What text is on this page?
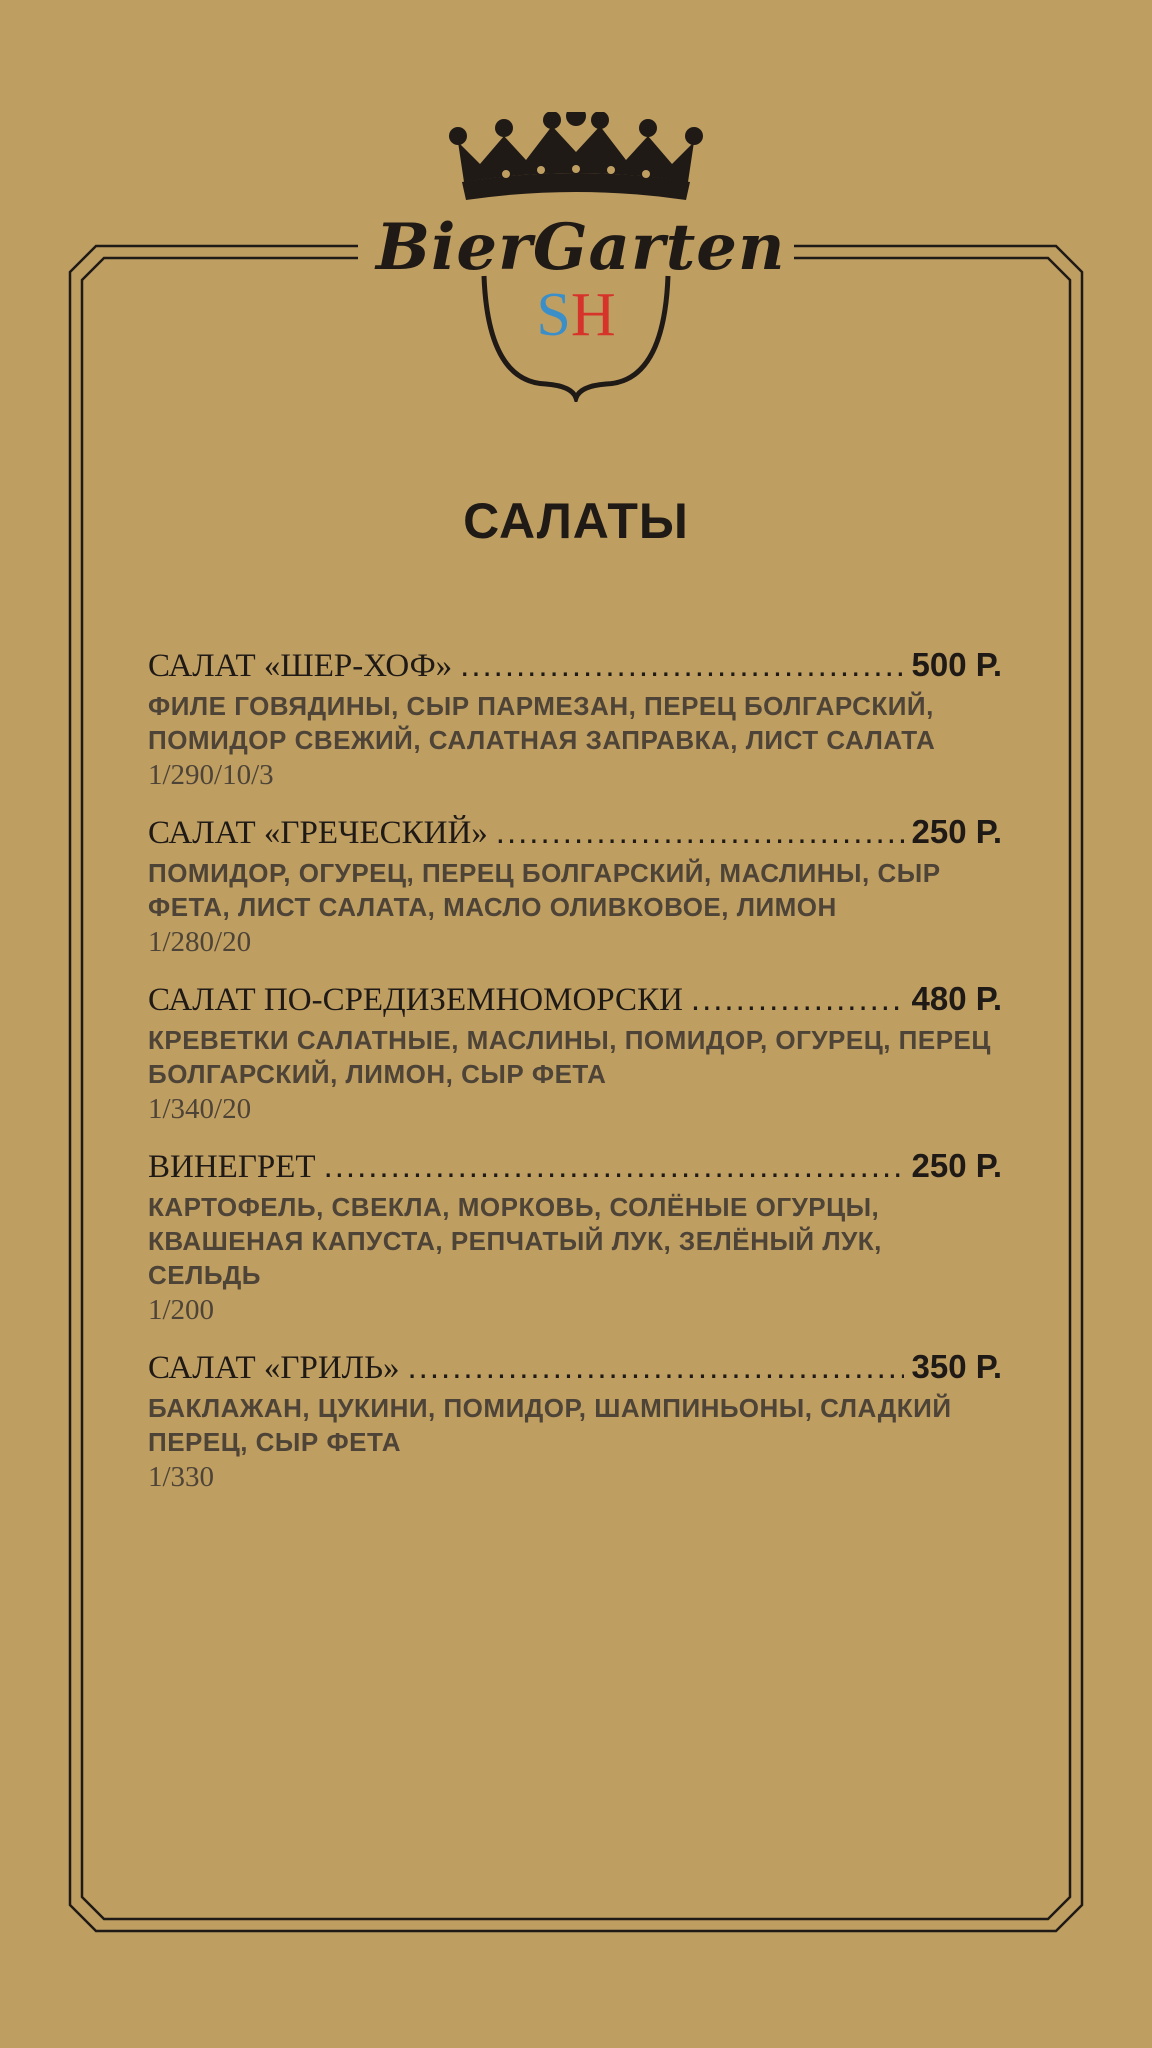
BierGarten
SH
САЛАТЫ
САЛАТ «ШЕР-ХОФ» .....	500 Р.
ФИЛЕ ГОВЯДИНЫ, СЫР ПАРМЕЗАН, ПЕРЕЦ БОЛГАРСКИЙ, ПОМИДОР СВЕЖИЙ, САЛАТНАЯ ЗАПРАВКА, ЛИСТ САЛАТА
1/290/10/3
САЛАТ «ГРЕЧЕСКИЙ» .....	250 Р.
ПОМИДОР, ОГУРЕЦ, ПЕРЕЦ БОЛГАРСКИЙ, МАСЛИНЫ, СЫР ФЕТА, ЛИСТ САЛАТА, МАСЛО ОЛИВКОВОЕ, ЛИМОН
1/280/20
САЛАТ ПО-СРЕДИЗЕМНОМОРСКИ .....	480 Р.
КРЕВЕТКИ САЛАТНЫЕ, МАСЛИНЫ, ПОМИДОР, ОГУРЕЦ, ПЕРЕЦ БОЛГАРСКИЙ, ЛИМОН, СЫР ФЕТА
1/340/20
ВИНЕГРЕТ .....	250 Р.
КАРТОФЕЛЬ, СВЕКЛА, МОРКОВЬ, СОЛЁНЫЕ ОГУРЦЫ, КВАШЕНАЯ КАПУСТА, РЕПЧАТЫЙ ЛУК, ЗЕЛЁНЫЙ ЛУК, СЕЛЬДЬ
1/200
САЛАТ «ГРИЛЬ» .....	350 Р.
БАКЛАЖАН, ЦУКИНИ, ПОМИДОР, ШАМПИНЬОНЫ, СЛАДКИЙ ПЕРЕЦ, СЫР ФЕТА
1/330
